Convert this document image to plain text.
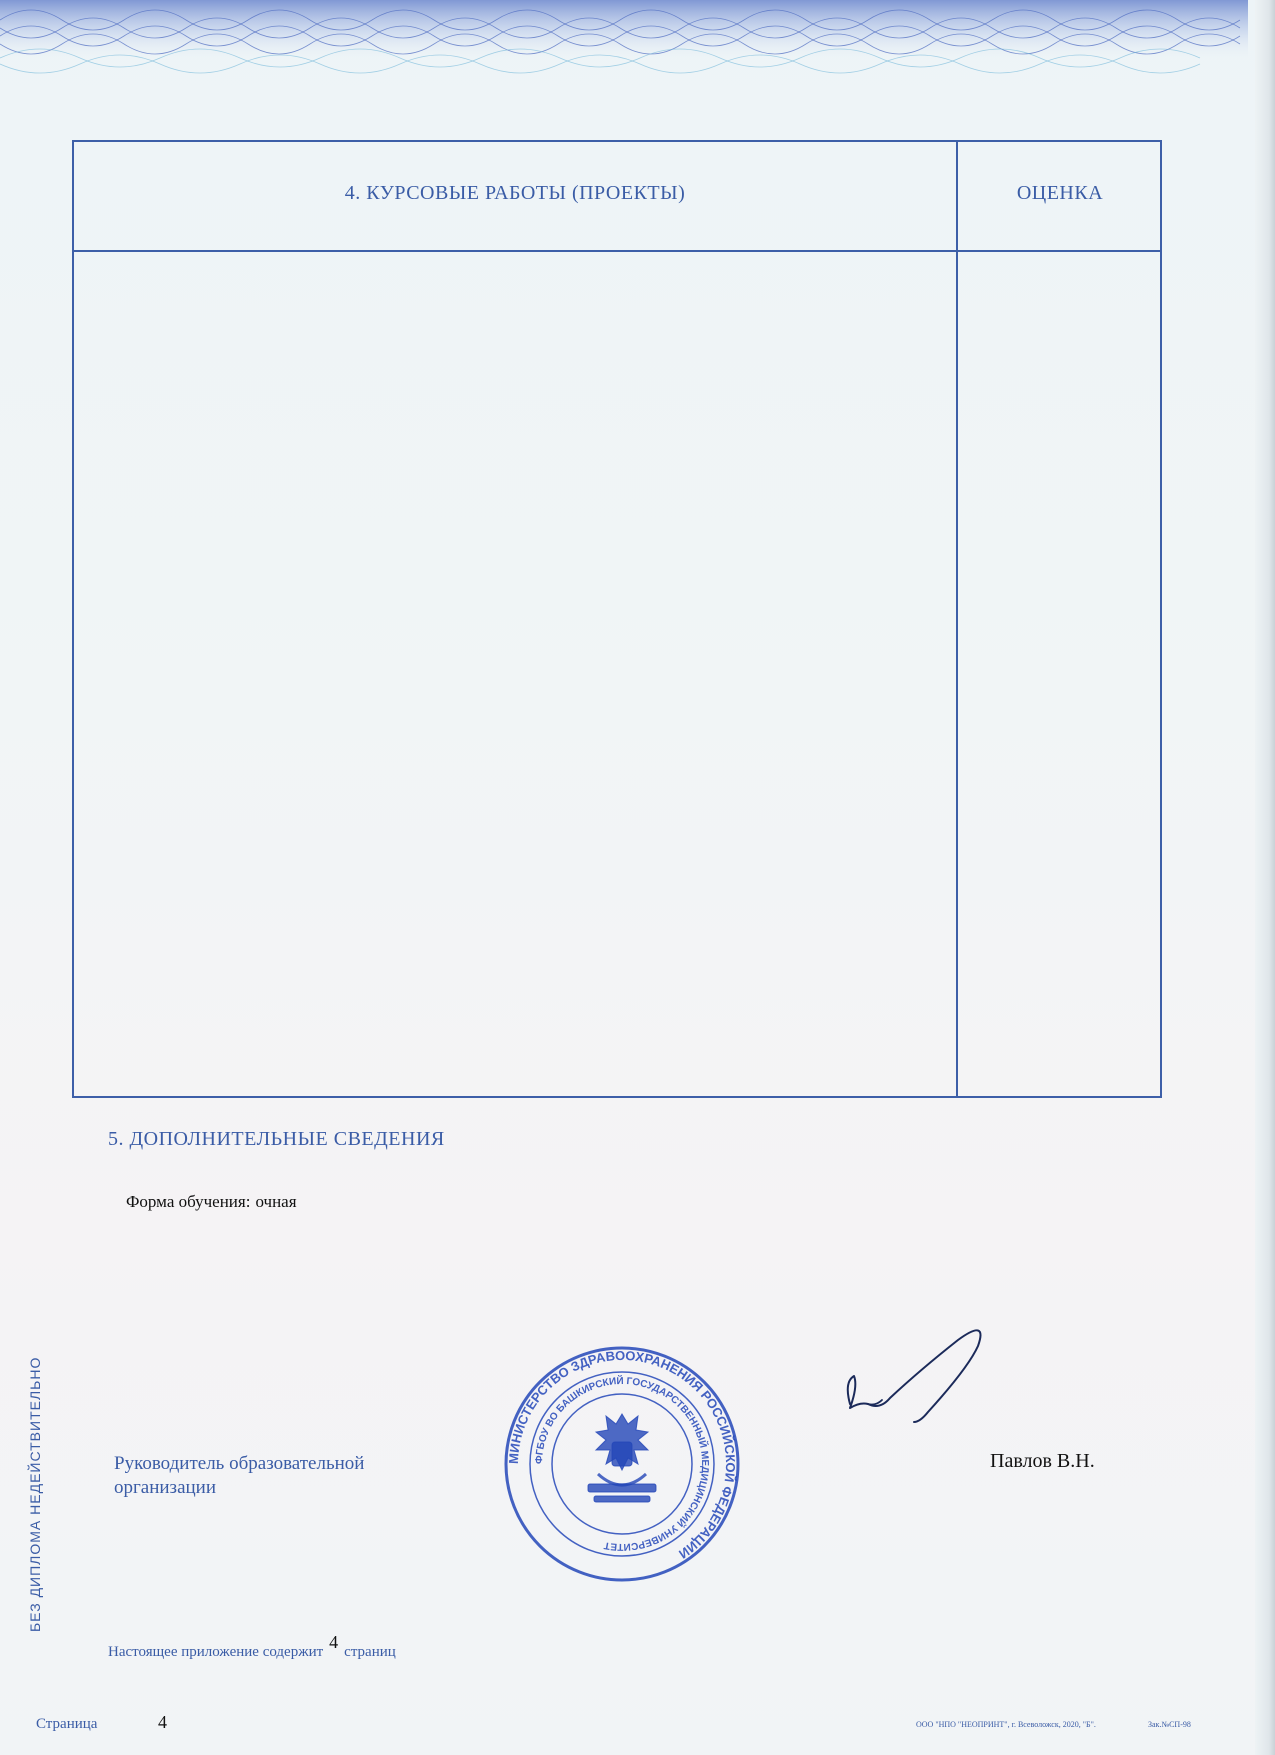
4. КУРСОВЫЕ РАБОТЫ (ПРОЕКТЫ)	ОЦЕНКА
5. ДОПОЛНИТЕЛЬНЫЕ СВЕДЕНИЯ
Форма обучения: очная
БЕЗ ДИПЛОМА НЕДЕЙСТВИТЕЛЬНО	Руководитель образовательной
организации
МИНИСТЕРСТВО ЗДРАВООХРАНЕНИЯ РОССИЙСКОЙ ФЕДЕРАЦИИ
ФГБОУ ВО БАШКИРСКИЙ ГОСУДАРСТВЕННЫЙ МЕДИЦИНСКИЙ УНИВЕРСИТЕТ
Павлов В.Н.
Настоящее приложение содержит 4 страниц
Страница	4	ООО "НПО "НЕОПРИНТ", г. Всеволожск, 2020, "Б".	Зак.№СП-98
